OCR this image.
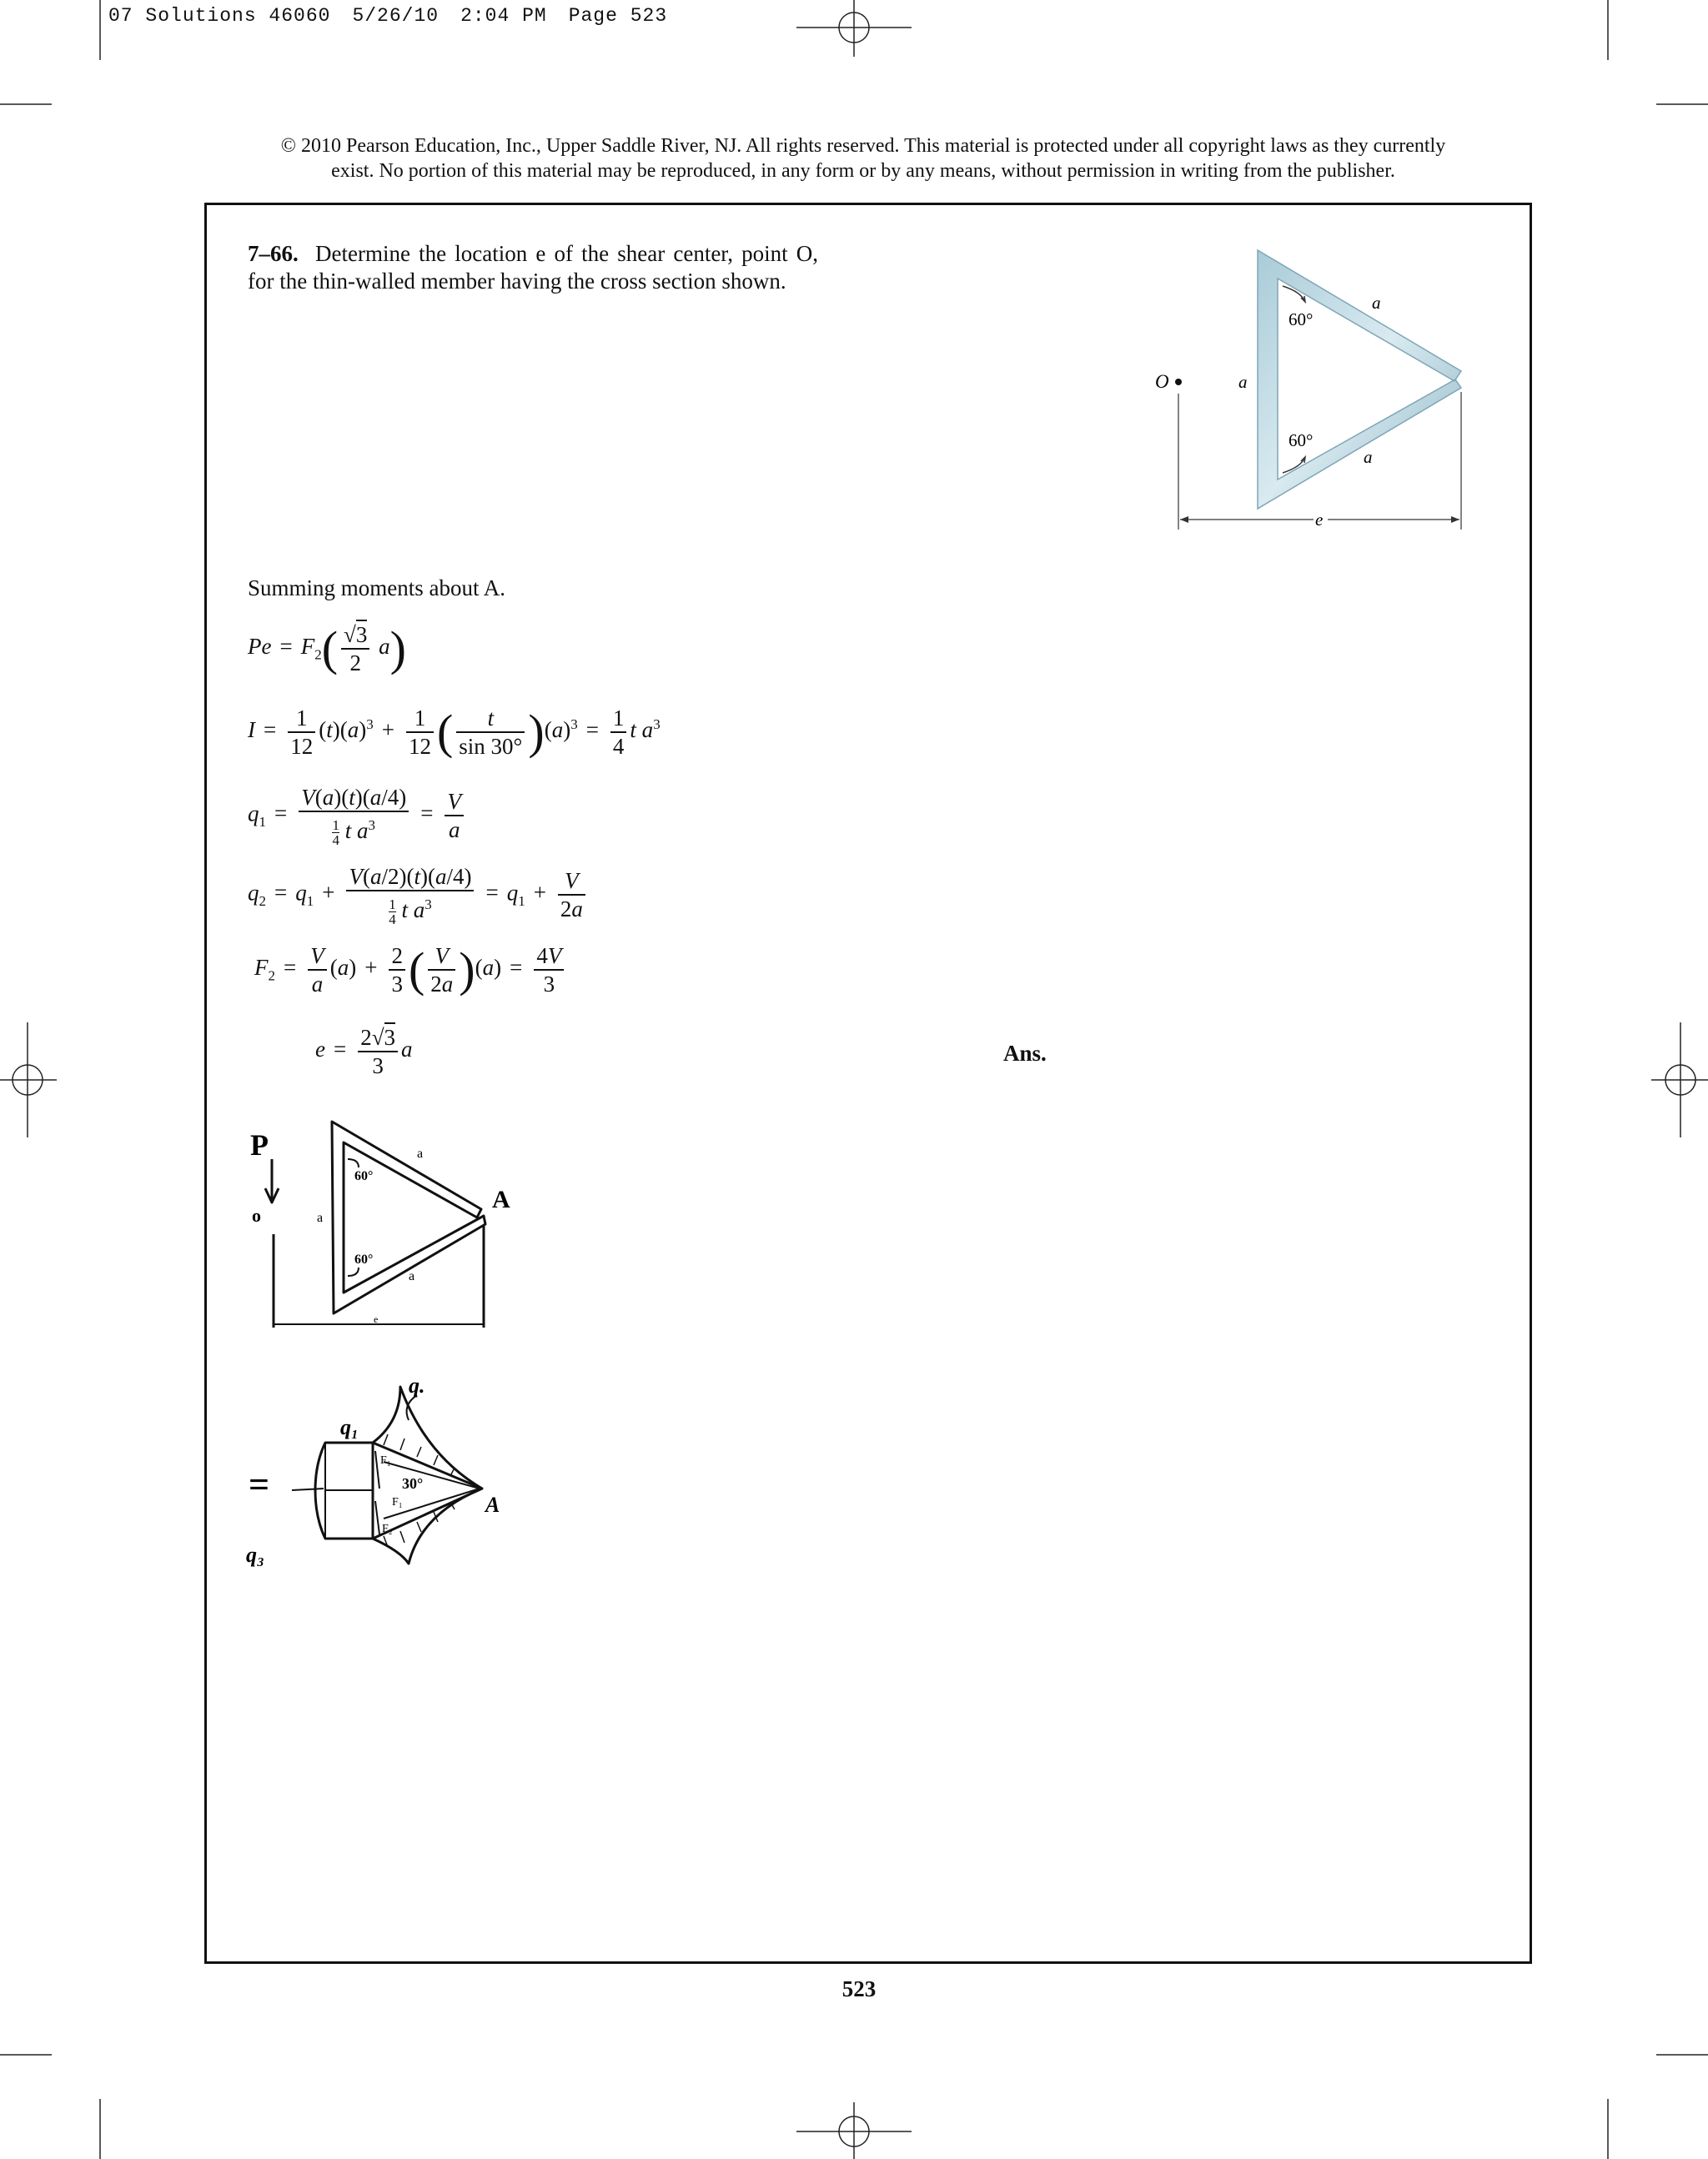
07 Solutions 46060 5/26/10 2:04 PM Page 523
© 2010 Pearson Education, Inc., Upper Saddle River, NJ. All rights reserved. This material is protected under all copyright laws as they currently
exist. No portion of this material may be reproduced, in any form or by any means, without permission in writing from the publisher.
7–66. Determine the location e of the shear center, point O, for the thin-walled member having the cross section shown.
60°
60°
a
a
a
O
e
Summing moments about A.
$Pe = F_2( \frac{√3}{2} a)$
$I = \frac{1}{12} (t)(a)^3 + \frac{1}{12}$ ( $\frac{t}{\sin 30^\circ} )(a)^3 = \frac{1}{4}$ t $a^3$
$q_1 = \frac{V(a)(t)(a/4)}{\frac{1}{4} t a^3} = \frac{V}{a}$
$q_2 = q_1 + \frac{V(a/2)(t)(a/4)}{\frac{1}{4} t a^3} = q_1 + \frac{V}{2a}$
$F_2 = \frac{V}{a} (a) + \frac{2}{3}$ ( $\frac{V}{2a} )(a) = \frac{4V}{3}$
$e = \frac{2√3}{3}$ a	Ans.
P
o
A
a
a
a
60°
60°
e
q.
q₁
q₃
=
F₁
F₁
F₂
30°
A
523
